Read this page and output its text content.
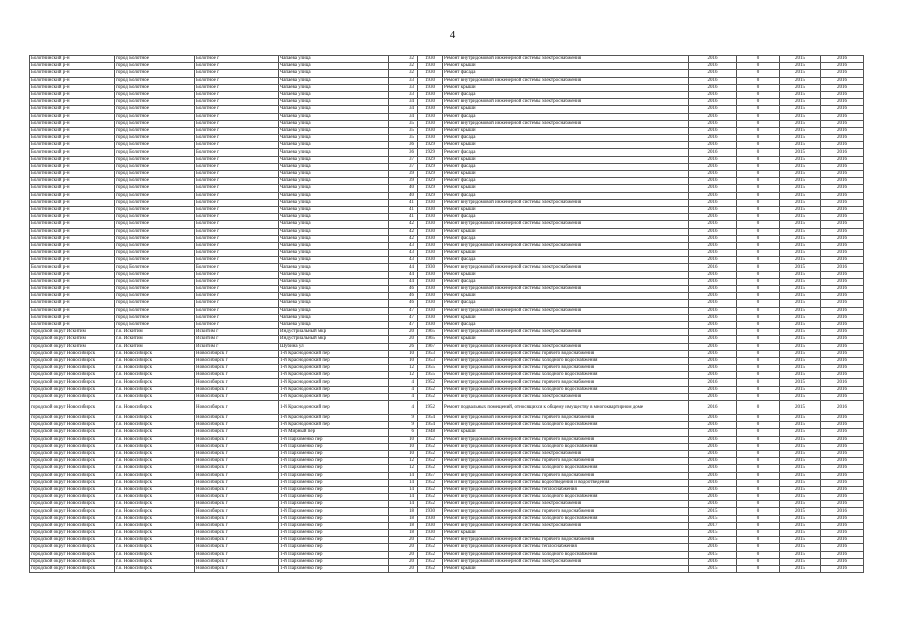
4
Болотнинский р-н	город Болотное	Болотное г	Чапаева улица	32	1930	Ремонт внутридомовой инженерной системы электроснабжения	2016	0	2015	2016
Болотнинский р-н	город Болотное	Болотное г	Чапаева улица	32	1930	Ремонт крыши	2016	0	2015	2016
Болотнинский р-н	город Болотное	Болотное г	Чапаева улица	32	1930	Ремонт фасада	2016	0	2015	2016
Болотнинский р-н	город Болотное	Болотное г	Чапаева улица	33	1930	Ремонт внутридомовой инженерной системы электроснабжения	2016	0	2015	2016
Болотнинский р-н	город Болотное	Болотное г	Чапаева улица	33	1930	Ремонт крыши	2016	0	2015	2016
Болотнинский р-н	город Болотное	Болотное г	Чапаева улица	33	1930	Ремонт фасада	2016	0	2015	2016
Болотнинский р-н	город Болотное	Болотное г	Чапаева улица	34	1930	Ремонт внутридомовой инженерной системы электроснабжения	2016	0	2015	2016
Болотнинский р-н	город Болотное	Болотное г	Чапаева улица	34	1930	Ремонт крыши	2016	0	2015	2016
Болотнинский р-н	город Болотное	Болотное г	Чапаева улица	34	1930	Ремонт фасада	2016	0	2015	2016
Болотнинский р-н	город Болотное	Болотное г	Чапаева улица	35	1930	Ремонт внутридомовой инженерной системы электроснабжения	2016	0	2015	2016
Болотнинский р-н	город Болотное	Болотное г	Чапаева улица	35	1930	Ремонт крыши	2016	0	2015	2016
Болотнинский р-н	город Болотное	Болотное г	Чапаева улица	35	1930	Ремонт фасада	2016	0	2015	2016
Болотнинский р-н	город Болотное	Болотное г	Чапаева улица	36	1929	Ремонт крыши	2016	0	2015	2016
Болотнинский р-н	город Болотное	Болотное г	Чапаева улица	36	1929	Ремонт фасада	2016	0	2015	2016
Болотнинский р-н	город Болотное	Болотное г	Чапаева улица	37	1929	Ремонт крыши	2016	0	2015	2016
Болотнинский р-н	город Болотное	Болотное г	Чапаева улица	37	1929	Ремонт фасада	2016	0	2015	2016
Болотнинский р-н	город Болотное	Болотное г	Чапаева улица	39	1929	Ремонт крыши	2016	0	2015	2016
Болотнинский р-н	город Болотное	Болотное г	Чапаева улица	39	1929	Ремонт фасада	2016	0	2015	2016
Болотнинский р-н	город Болотное	Болотное г	Чапаева улица	40	1929	Ремонт крыши	2016	0	2015	2016
Болотнинский р-н	город Болотное	Болотное г	Чапаева улица	40	1929	Ремонт фасада	2016	0	2015	2016
Болотнинский р-н	город Болотное	Болотное г	Чапаева улица	41	1930	Ремонт внутридомовой инженерной системы электроснабжения	2016	0	2015	2016
Болотнинский р-н	город Болотное	Болотное г	Чапаева улица	41	1930	Ремонт крыши	2016	0	2015	2016
Болотнинский р-н	город Болотное	Болотное г	Чапаева улица	41	1930	Ремонт фасада	2016	0	2015	2016
Болотнинский р-н	город Болотное	Болотное г	Чапаева улица	42	1930	Ремонт внутридомовой инженерной системы электроснабжения	2016	0	2015	2016
Болотнинский р-н	город Болотное	Болотное г	Чапаева улица	42	1930	Ремонт крыши	2016	0	2015	2016
Болотнинский р-н	город Болотное	Болотное г	Чапаева улица	42	1930	Ремонт фасада	2016	0	2015	2016
Болотнинский р-н	город Болотное	Болотное г	Чапаева улица	43	1930	Ремонт внутридомовой инженерной системы электроснабжения	2016	0	2015	2016
Болотнинский р-н	город Болотное	Болотное г	Чапаева улица	43	1930	Ремонт крыши	2016	0	2015	2016
Болотнинский р-н	город Болотное	Болотное г	Чапаева улица	43	1930	Ремонт фасада	2016	0	2015	2016
Болотнинский р-н	город Болотное	Болотное г	Чапаева улица	44	1930	Ремонт внутридомовой инженерной системы электроснабжения	2016	0	2015	2016
Болотнинский р-н	город Болотное	Болотное г	Чапаева улица	44	1930	Ремонт крыши	2016	0	2015	2016
Болотнинский р-н	город Болотное	Болотное г	Чапаева улица	44	1930	Ремонт фасада	2016	0	2015	2016
Болотнинский р-н	город Болотное	Болотное г	Чапаева улица	46	1930	Ремонт внутридомовой инженерной системы электроснабжения	2016	0	2015	2016
Болотнинский р-н	город Болотное	Болотное г	Чапаева улица	46	1930	Ремонт крыши	2016	0	2015	2016
Болотнинский р-н	город Болотное	Болотное г	Чапаева улица	46	1930	Ремонт фасада	2016	0	2015	2016
Болотнинский р-н	город Болотное	Болотное г	Чапаева улица	47	1930	Ремонт внутридомовой инженерной системы электроснабжения	2016	0	2015	2016
Болотнинский р-н	город Болотное	Болотное г	Чапаева улица	47	1930	Ремонт крыши	2016	0	2015	2016
Болотнинский р-н	город Болотное	Болотное г	Чапаева улица	47	1930	Ремонт фасада	2016	0	2015	2016
городской округ Искитим	г.о. Искитим	Искитим г	Индустриальный мкр	20	1965	Ремонт внутридомовой инженерной системы электроснабжения	2016	0	2015	2016
городской округ Искитим	г.о. Искитим	Искитим г	Индустриальный мкр	20	1965	Ремонт крыши	2016	0	2015	2016
городской округ Искитим	г.о. Искитим	Искитим г	Шубина ул	26	1967	Ремонт внутридомовой инженерной системы электроснабжения	2016	0	2015	2016
городской округ Новосибирск	г.о. Новосибирск	Новосибирск г	1-й Краснодонский пер	10	1953	Ремонт внутридомовой инженерной системы горячего водоснабжения	2016	0	2015	2016
городской округ Новосибирск	г.о. Новосибирск	Новосибирск г	1-й Краснодонский пер	10	1953	Ремонт внутридомовой инженерной системы холодного водоснабжения	2016	0	2015	2016
городской округ Новосибирск	г.о. Новосибирск	Новосибирск г	1-й Краснодонский пер	12	1955	Ремонт внутридомовой инженерной системы горячего водоснабжения	2016	0	2015	2016
городской округ Новосибирск	г.о. Новосибирск	Новосибирск г	1-й Краснодонский пер	12	1955	Ремонт внутридомовой инженерной системы холодного водоснабжения	2016	0	2015	2016
городской округ Новосибирск	г.о. Новосибирск	Новосибирск г	1-й Краснодонский пер	4	1952	Ремонт внутридомовой инженерной системы горячего водоснабжения	2016	0	2015	2016
городской округ Новосибирск	г.о. Новосибирск	Новосибирск г	1-й Краснодонский пер	4	1952	Ремонт внутридомовой инженерной системы холодного водоснабжения	2016	0	2015	2016
городской округ Новосибирск	г.о. Новосибирск	Новосибирск г	1-й Краснодонский пер	4	1952	Ремонт внутридомовой инженерной системы электроснабжения	2016	0	2015	2016
городской округ Новосибирск	г.о. Новосибирск	Новосибирск г	1-й Краснодонский пер	4	1952	Ремонт подвальных помещений, относящихся к общему имуществу в многоквартирном доме	2016	0	2015	2016
городской округ Новосибирск	г.о. Новосибирск	Новосибирск г	1-й Краснодонский пер	9	1954	Ремонт внутридомовой инженерной системы горячего водоснабжения	2016	0	2015	2016
городской округ Новосибирск	г.о. Новосибирск	Новосибирск г	1-й Краснодонский пер	9	1954	Ремонт внутридомовой инженерной системы холодного водоснабжения	2016	0	2015	2016
городской округ Новосибирск	г.о. Новосибирск	Новосибирск г	1-й Мирный пер	6	1948	Ремонт крыши	2016	0	2015	2016
городской округ Новосибирск	г.о. Новосибирск	Новосибирск г	1-й Пархоменко пер	10	1952	Ремонт внутридомовой инженерной системы горячего водоснабжения	2016	0	2015	2016
городской округ Новосибирск	г.о. Новосибирск	Новосибирск г	1-й Пархоменко пер	10	1952	Ремонт внутридомовой инженерной системы холодного водоснабжения	2016	0	2015	2016
городской округ Новосибирск	г.о. Новосибирск	Новосибирск г	1-й Пархоменко пер	10	1952	Ремонт внутридомовой инженерной системы электроснабжения	2016	0	2015	2016
городской округ Новосибирск	г.о. Новосибирск	Новосибирск г	1-й Пархоменко пер	12	1952	Ремонт внутридомовой инженерной системы горячего водоснабжения	2016	0	2015	2016
городской округ Новосибирск	г.о. Новосибирск	Новосибирск г	1-й Пархоменко пер	12	1952	Ремонт внутридомовой инженерной системы холодного водоснабжения	2016	0	2015	2016
городской округ Новосибирск	г.о. Новосибирск	Новосибирск г	1-й Пархоменко пер	14	1957	Ремонт внутридомовой инженерной системы горячего водоснабжения	2016	0	2015	2016
городской округ Новосибирск	г.о. Новосибирск	Новосибирск г	1-й Пархоменко пер	14	1952	Ремонт внутридомовой инженерной системы водоотведения и водоотведения	2016	0	2015	2016
городской округ Новосибирск	г.о. Новосибирск	Новосибирск г	1-й Пархоменко пер	14	1952	Ремонт внутридомовой инженерной системы теплоснабжения	2016	0	2015	2016
городской округ Новосибирск	г.о. Новосибирск	Новосибирск г	1-й Пархоменко пер	14	1952	Ремонт внутридомовой инженерной системы холодного водоснабжения	2016	0	2015	2016
городской округ Новосибирск	г.о. Новосибирск	Новосибирск г	1-й Пархоменко пер	14	1952	Ремонт внутридомовой инженерной системы электроснабжения	2016	0	2015	2016
городской округ Новосибирск	г.о. Новосибирск	Новосибирск г	1-й Пархоменко пер	18	1930	Ремонт внутридомовой инженерной системы горячего водоснабжения	2015	0	2015	2016
городской округ Новосибирск	г.о. Новосибирск	Новосибирск г	1-й Пархоменко пер	18	1930	Ремонт внутридомовой инженерной системы холодного водоснабжения	2015	0	2015	2016
городской округ Новосибирск	г.о. Новосибирск	Новосибирск г	1-й Пархоменко пер	18	1930	Ремонт внутридомовой инженерной системы электроснабжения	2017	0	2015	2016
городской округ Новосибирск	г.о. Новосибирск	Новосибирск г	1-й Пархоменко пер	18	1930	Ремонт крыши	2015	0	2015	2016
городской округ Новосибирск	г.о. Новосибирск	Новосибирск г	1-й Пархоменко пер	20	1952	Ремонт внутридомовой инженерной системы горячего водоснабжения	2015	0	2015	2016
городской округ Новосибирск	г.о. Новосибирск	Новосибирск г	1-й Пархоменко пер	20	1952	Ремонт внутридомовой инженерной системы теплоснабжения	2016	0	2015	2016
городской округ Новосибирск	г.о. Новосибирск	Новосибирск г	1-й Пархоменко пер	20	1952	Ремонт внутридомовой инженерной системы холодного водоснабжения	2015	0	2015	2016
городской округ Новосибирск	г.о. Новосибирск	Новосибирск г	1-й Пархоменко пер	20	1952	Ремонт внутридомовой инженерной системы электроснабжения	2016	0	2015	2016
городской округ Новосибирск	г.о. Новосибирск	Новосибирск г	1-й Пархоменко пер	20	1952	Ремонт крыши	2015	0	2015	2016
